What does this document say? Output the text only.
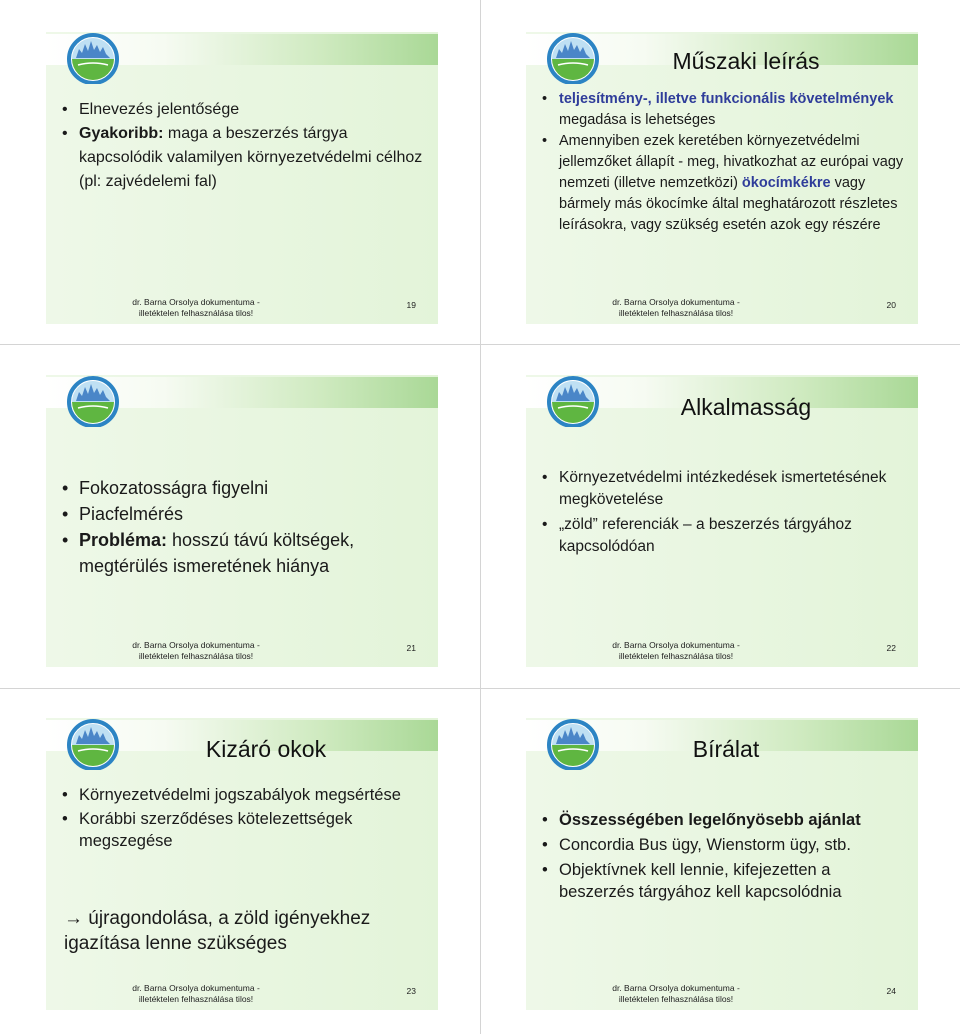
• Elnevezés jelentősége
• Gyakoribb: maga a beszerzés tárgya kapcsolódik valamilyen környezetvédelmi célhoz (pl: zajvédelemi fal)
dr. Barna Orsolya dokumentuma -
illetéktelen felhasználása tilos!
19
Műszaki leírás
• teljesítmény-, illetve funkcionális követelmények megadása is lehetséges
• Amennyiben ezek keretében környezetvédelmi jellemzőket állapít - meg, hivatkozhat az európai vagy nemzeti (illetve nemzetközi) ökocímkékre vagy bármely más ökocímke által meghatározott részletes leírásokra, vagy szükség esetén azok egy részére
dr. Barna Orsolya dokumentuma -
illetéktelen felhasználása tilos!
20
• Fokozatosságra figyelni
• Piacfelmérés
• Probléma: hosszú távú költségek, megtérülés ismeretének hiánya
dr. Barna Orsolya dokumentuma -
illetéktelen felhasználása tilos!
21
Alkalmasság
• Környezetvédelmi intézkedések ismertetésének megkövetelése
• „zöld” referenciák – a beszerzés tárgyához kapcsolódóan
dr. Barna Orsolya dokumentuma -
illetéktelen felhasználása tilos!
22
Kizáró okok
• Környezetvédelmi jogszabályok megsértése
• Korábbi szerződéses kötelezettségek megszegése
→ újragondolása, a zöld igényekhez igazítása lenne szükséges
dr. Barna Orsolya dokumentuma -
illetéktelen felhasználása tilos!
23
Bírálat
• Összességében legelőnyösebb ajánlat
• Concordia Bus ügy, Wienstorm ügy, stb.
• Objektívnek kell lennie, kifejezetten a beszerzés tárgyához kell kapcsolódnia
dr. Barna Orsolya dokumentuma -
illetéktelen felhasználása tilos!
24
